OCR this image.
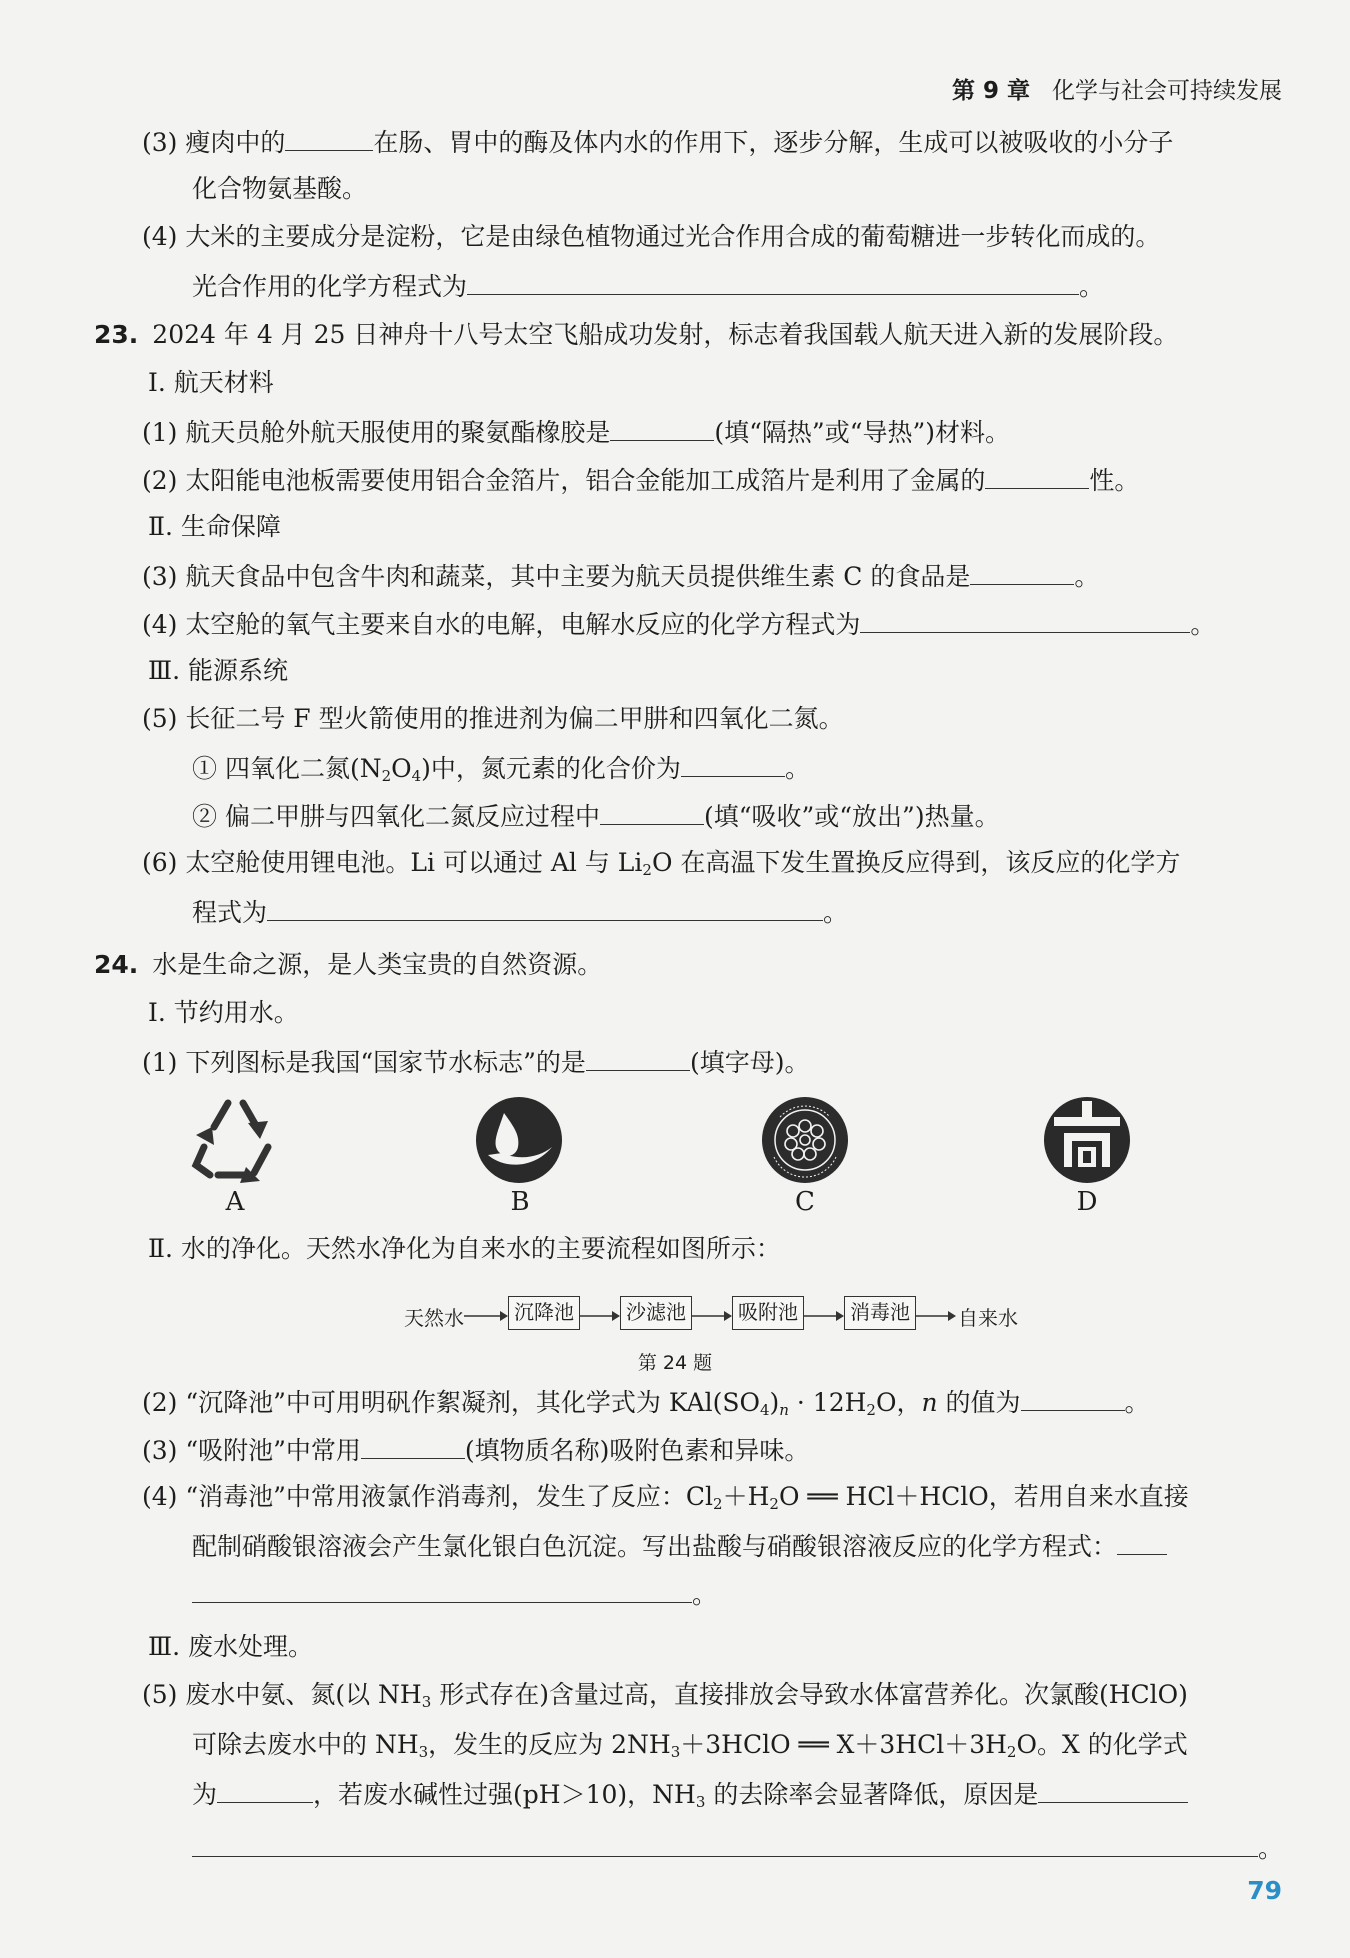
第 9 章 化学与社会可持续发展
(3) 瘦肉中的	在肠、胃中的酶及体内水的作用下，逐步分解，生成可以被吸收的小分子
化合物氨基酸。
(4) 大米的主要成分是淀粉，它是由绿色植物通过光合作用合成的葡萄糖进一步转化而成的。
光合作用的化学方程式为	。
23. 2024 年 4 月 25 日神舟十八号太空飞船成功发射，标志着我国载人航天进入新的发展阶段。
Ⅰ. 航天材料
(1) 航天员舱外航天服使用的聚氨酯橡胶是	(填“隔热”或“导热”)材料。
(2) 太阳能电池板需要使用铝合金箔片，铝合金能加工成箔片是利用了金属的	性。
Ⅱ. 生命保障
(3) 航天食品中包含牛肉和蔬菜，其中主要为航天员提供维生素 C 的食品是	。
(4) 太空舱的氧气主要来自水的电解，电解水反应的化学方程式为	。
Ⅲ. 能源系统
(5) 长征二号 F 型火箭使用的推进剂为偏二甲肼和四氧化二氮。
① 四氧化二氮$(N_2O_4)$中，氮元素的化合价为	。
② 偏二甲肼与四氧化二氮反应过程中	(填“吸收”或“放出”)热量。
(6) 太空舱使用锂电池。Li 可以通过 Al 与 $Li_2O$ 在高温下发生置换反应得到，该反应的化学方
程式为	。
24. 水是生命之源，是人类宝贵的自然资源。
Ⅰ. 节约用水。
(1) 下列图标是我国“国家节水标志”的是	(填字母)。
A	B	C	D
Ⅱ. 水的净化。天然水净化为自来水的主要流程如图所示：
天然水	沉降池	沙滤池	吸附池	消毒池	自来水
第 24 题
(2) “沉降池”中可用明矾作絮凝剂，其化学式为 $KAl(SO_4)_n \cdot 12H_2O$，n 的值为	。
(3) “吸附池”中常用	(填物质名称)吸附色素和异味。
(4) “消毒池”中常用液氯作消毒剂，发生了反应：$Cl_2+H_2O$ ══ HCl＋HClO，若用自来水直接
配制硝酸银溶液会产生氯化银白色沉淀。写出盐酸与硝酸银溶液反应的化学方程式：
。
Ⅲ. 废水处理。
(5) 废水中氨、氮(以 $NH_3$ 形式存在)含量过高，直接排放会导致水体富营养化。次氯酸(HClO)
可除去废水中的 $NH_3$，发生的反应为 $2NH_3+3HClO$ ══ $X+3HCl+3H_2O$。X 的化学式
为	，若废水碱性过强(pH＞10)，$NH_3$ 的去除率会显著降低，原因是
。
79
